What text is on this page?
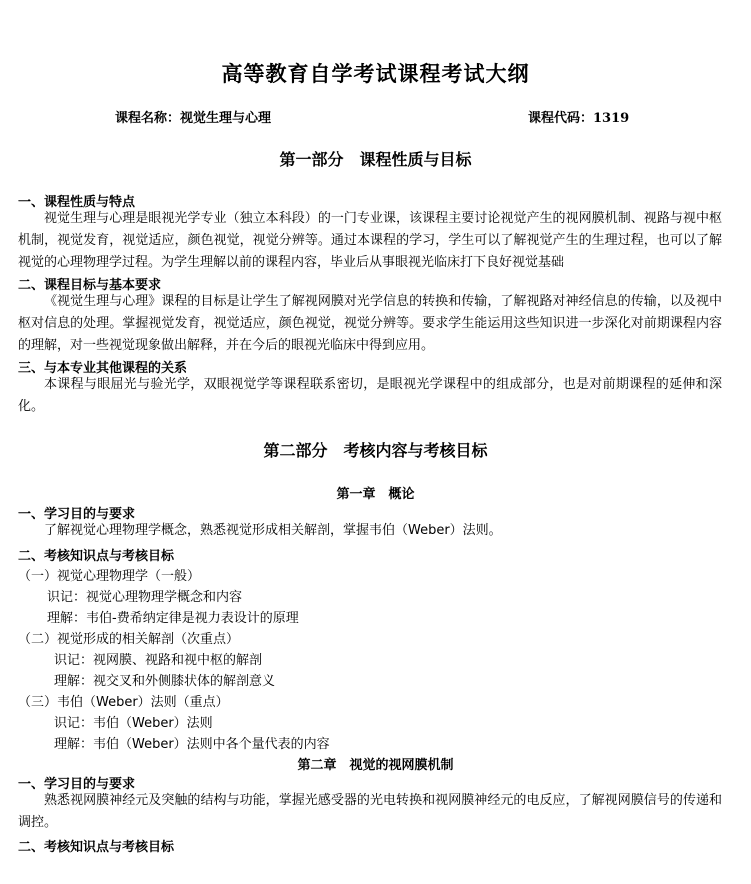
高等教育自学考试课程考试大纲
课程名称：视觉生理与心理	课程代码：1319
第一部分　课程性质与目标
一、课程性质与特点
视觉生理与心理是眼视光学专业（独立本科段）的一门专业课，该课程主要讨论视觉产生的视网膜机制、视路与视中枢机制，视觉发育，视觉适应，颜色视觉，视觉分辨等。通过本课程的学习，学生可以了解视觉产生的生理过程，也可以了解视觉的心理物理学过程。为学生理解以前的课程内容，毕业后从事眼视光临床打下良好视觉基础
二、课程目标与基本要求
《视觉生理与心理》课程的目标是让学生了解视网膜对光学信息的转换和传输，了解视路对神经信息的传输，以及视中枢对信息的处理。掌握视觉发育，视觉适应，颜色视觉，视觉分辨等。要求学生能运用这些知识进一步深化对前期课程内容的理解，对一些视觉现象做出解释，并在今后的眼视光临床中得到应用。
三、与本专业其他课程的关系
本课程与眼屈光与验光学，双眼视觉学等课程联系密切，是眼视光学课程中的组成部分，也是对前期课程的延伸和深化。
第二部分　考核内容与考核目标
第一章　概论
一、学习目的与要求
了解视觉心理物理学概念，熟悉视觉形成相关解剖，掌握韦伯（Weber）法则。
二、考核知识点与考核目标
（一）视觉心理物理学（一般）
识记：视觉心理物理学概念和内容
理解：韦伯-费希纳定律是视力表设计的原理
（二）视觉形成的相关解剖（次重点）
识记：视网膜、视路和视中枢的解剖
理解：视交叉和外侧膝状体的解剖意义
（三）韦伯（Weber）法则（重点）
识记：韦伯（Weber）法则
理解：韦伯（Weber）法则中各个量代表的内容
第二章　视觉的视网膜机制
一、学习目的与要求
熟悉视网膜神经元及突触的结构与功能，掌握光感受器的光电转换和视网膜神经元的电反应，了解视网膜信号的传递和调控。
二、考核知识点与考核目标
